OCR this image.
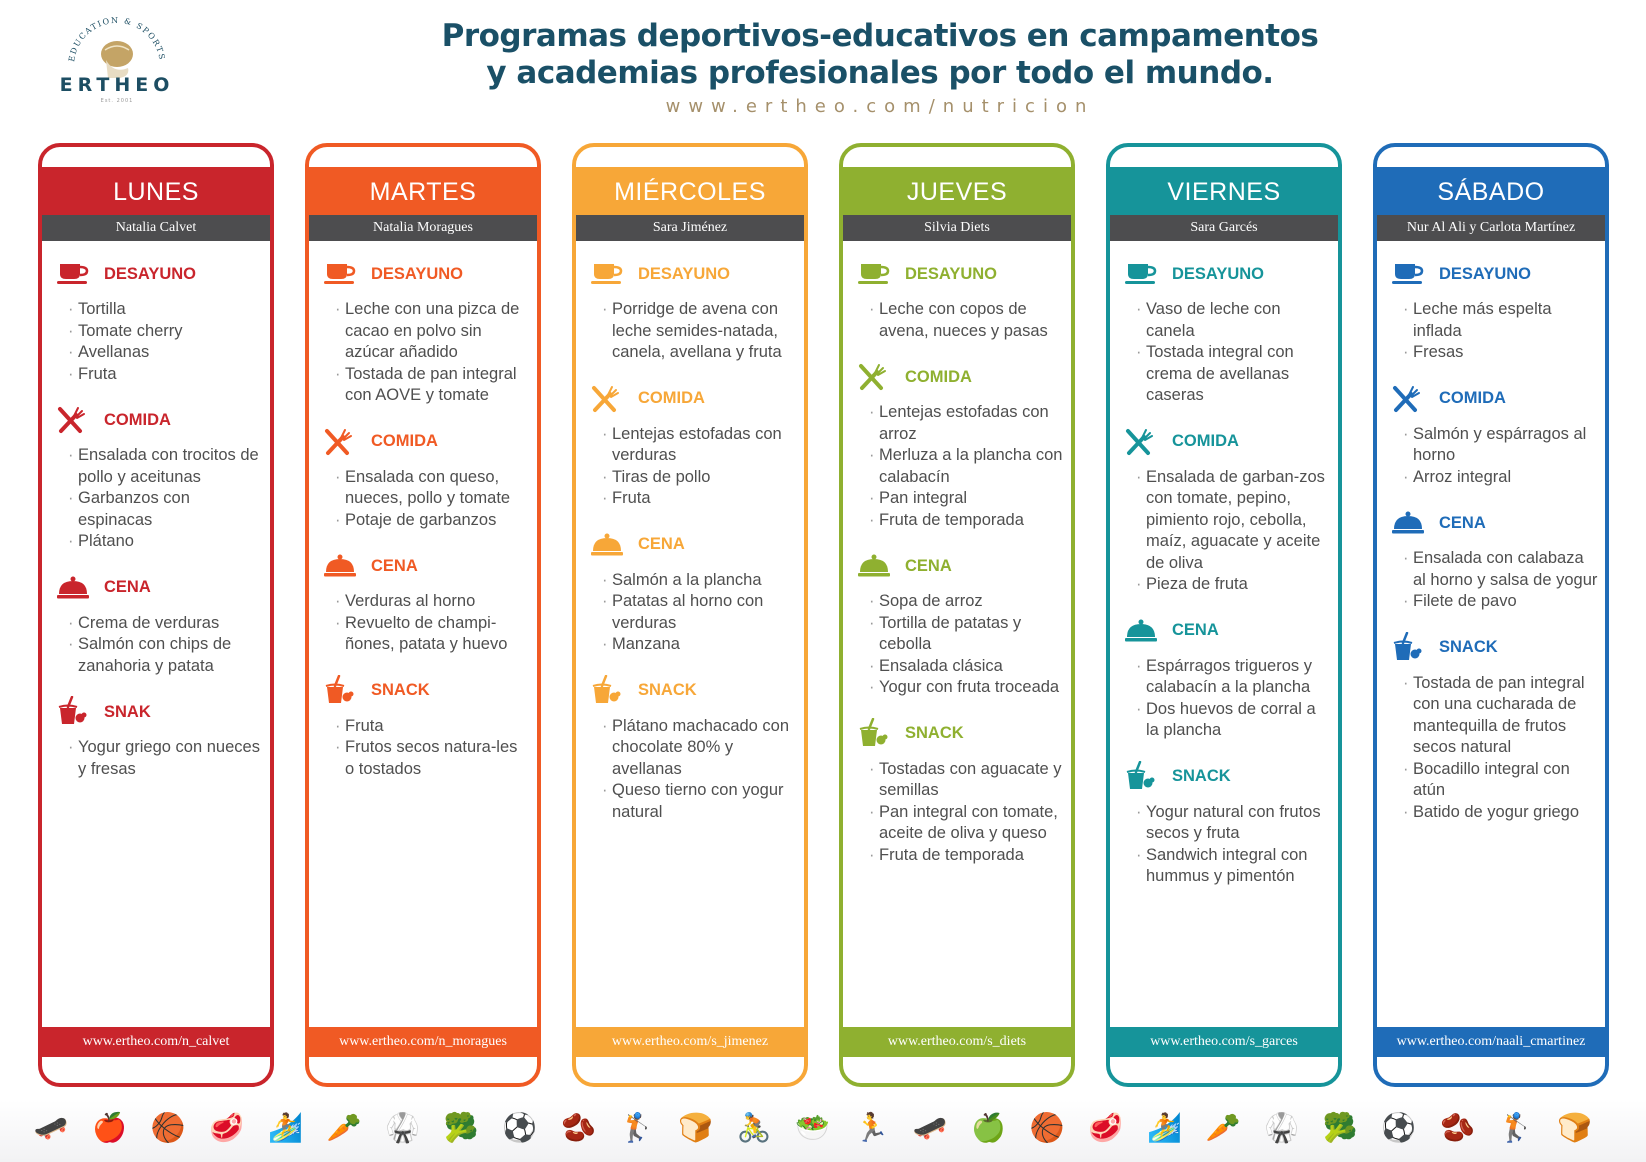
EDUCATION & SPORTS
ERTHEO
Est. 2001
Programas deportivos-educativos en campamentos
y academias profesionales por todo el mundo.
www.ertheo.com/nutricion
LUNES
Natalia Calvet
DESAYUNO
· Tortilla
· Tomate cherry
· Avellanas
· Fruta
COMIDA
· Ensalada con trocitos de pollo y aceitunas
· Garbanzos con espinacas
· Plátano
CENA
· Crema de verduras
· Salmón con chips de zanahoria y patata
SNAK
· Yogur griego con nueces y fresas
www.ertheo.com/n_calvet
MARTES
Natalia Moragues
DESAYUNO
· Leche con una pizca de cacao en polvo sin azúcar añadido
· Tostada de pan integral con AOVE y tomate
COMIDA
· Ensalada con queso, nueces, pollo y tomate
· Potaje de garbanzos
CENA
· Verduras al horno
· Revuelto de champi-ñones, patata y huevo
SNACK
· Fruta
· Frutos secos natura-les o tostados
www.ertheo.com/n_moragues
MIÉRCOLES
Sara Jiménez
DESAYUNO
· Porridge de avena con leche semides-natada, canela, avellana y fruta
COMIDA
· Lentejas estofadas con verduras
· Tiras de pollo
· Fruta
CENA
· Salmón a la plancha
· Patatas al horno con verduras
· Manzana
SNACK
· Plátano machacado con chocolate 80% y avellanas
· Queso tierno con yogur natural
www.ertheo.com/s_jimenez
JUEVES
Silvia Diets
DESAYUNO
· Leche con copos de avena, nueces y pasas
COMIDA
· Lentejas estofadas con arroz
· Merluza a la plancha con calabacín
· Pan integral
· Fruta de temporada
CENA
· Sopa de arroz
· Tortilla de patatas y cebolla
· Ensalada clásica
· Yogur con fruta troceada
SNACK
· Tostadas con aguacate y semillas
· Pan integral con tomate, aceite de oliva y queso
· Fruta de temporada
www.ertheo.com/s_diets
VIERNES
Sara Garcés
DESAYUNO
· Vaso de leche con canela
· Tostada integral con crema de avellanas caseras
COMIDA
· Ensalada de garban-zos con tomate, pepino, pimiento rojo, cebolla, maíz, aguacate y aceite de oliva
· Pieza de fruta
CENA
· Espárragos trigueros y calabacín a la plancha
· Dos huevos de corral a la plancha
SNACK
· Yogur natural con frutos secos y fruta
· Sandwich integral con hummus y pimentón
www.ertheo.com/s_garces
SÁBADO
Nur Al Ali y Carlota Martínez
DESAYUNO
· Leche más espelta inflada
· Fresas
COMIDA
· Salmón y espárragos al horno
· Arroz integral
CENA
· Ensalada con calabaza al horno y salsa de yogur
· Filete de pavo
SNACK
· Tostada de pan integral con una cucharada de mantequilla de frutos secos natural
· Bocadillo integral con atún
· Batido de yogur griego
www.ertheo.com/naali_cmartinez
🛹 🍎 🏀 🥩 🏄 🥕 🥋 🥦 ⚽ 🫘 🏌 🍞 🚴 🥗 🏃 🛹 🍏 🏀 🥩 🏄 🥕 🥋 🥦 ⚽ 🫘 🏌 🍞
